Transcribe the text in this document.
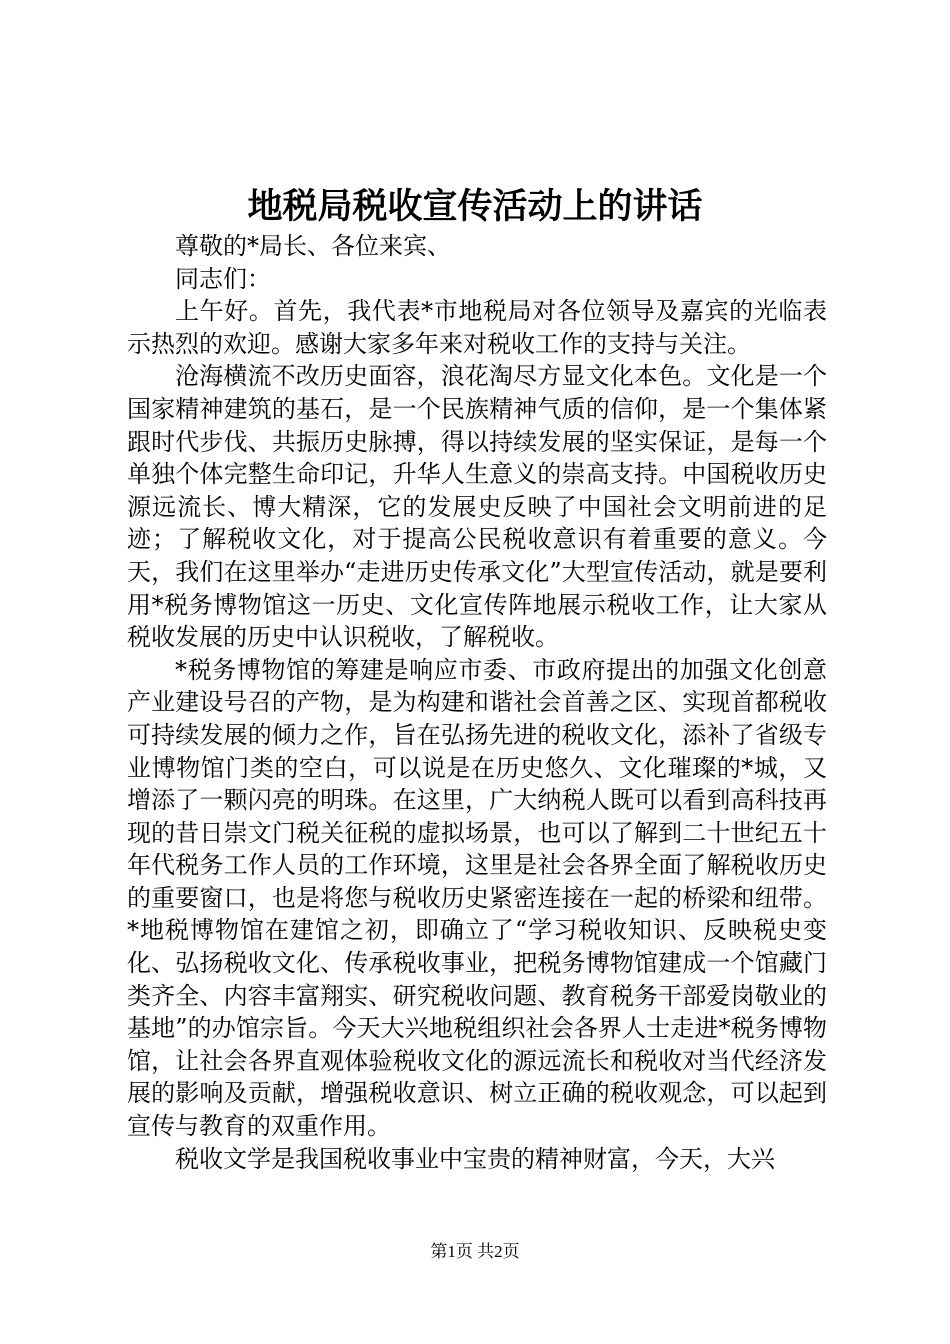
地税局税收宣传活动上的讲话

尊敬的*局长、各位来宾、

同志们：

上午好。首先，我代表*市地税局对各位领导及嘉宾的光临表示热烈的欢迎。感谢大家多年来对税收工作的支持与关注。

沧海横流不改历史面容，浪花淘尽方显文化本色。文化是一个国家精神建筑的基石，是一个民族精神气质的信仰，是一个集体紧跟时代步伐、共振历史脉搏，得以持续发展的坚实保证，是每一个单独个体完整生命印记，升华人生意义的崇高支持。中国税收历史源远流长、博大精深，它的发展史反映了中国社会文明前进的足迹；了解税收文化，对于提高公民税收意识有着重要的意义。今天，我们在这里举办“走进历史传承文化”大型宣传活动，就是要利用*税务博物馆这一历史、文化宣传阵地展示税收工作，让大家从税收发展的历史中认识税收，了解税收。

*税务博物馆的筹建是响应市委、市政府提出的加强文化创意产业建设号召的产物，是为构建和谐社会首善之区、实现首都税收可持续发展的倾力之作，旨在弘扬先进的税收文化，添补了省级专业博物馆门类的空白，可以说是在历史悠久、文化璀璨的*城，又增添了一颗闪亮的明珠。在这里，广大纳税人既可以看到高科技再现的昔日崇文门税关征税的虚拟场景，也可以了解到二十世纪五十年代税务工作人员的工作环境，这里是社会各界全面了解税收历史的重要窗口，也是将您与税收历史紧密连接在一起的桥梁和纽带。*地税博物馆在建馆之初，即确立了“学习税收知识、反映税史变化、弘扬税收文化、传承税收事业，把税务博物馆建成一个馆藏门类齐全、内容丰富翔实、研究税收问题、教育税务干部爱岗敬业的基地”的办馆宗旨。今天大兴地税组织社会各界人士走进*税务博物馆，让社会各界直观体验税收文化的源远流长和税收对当代经济发展的影响及贡献，增强税收意识、树立正确的税收观念，可以起到宣传与教育的双重作用。

税收文学是我国税收事业中宝贵的精神财富，今天，大兴

第1页 共2页
